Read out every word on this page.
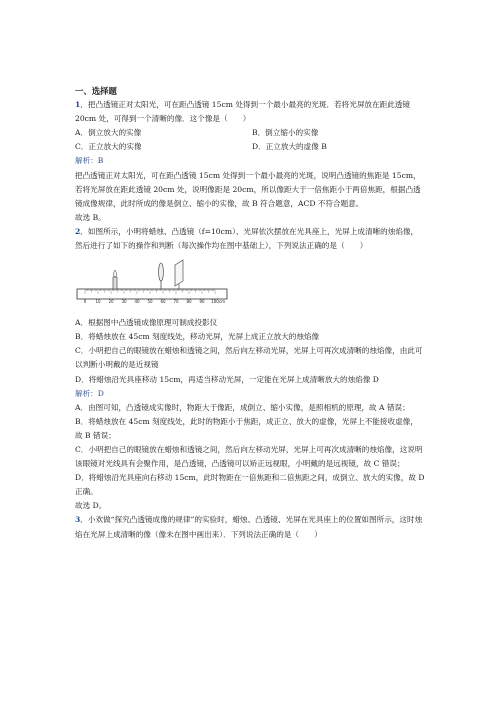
一、选择题

1．把凸透镜正对太阳光，可在距凸透镜 15cm 处得到一个最小最亮的光斑．若将光屏放在距此透镜 20cm 处，可得到一个清晰的像．这个像是（　　）

A．倒立放大的实像	B．倒立缩小的实像
C．正立放大的实像	D．正立放大的虚像 B

解析：B

把凸透镜正对太阳光，可在距凸透镜 15cm 处得到一个最小最亮的光斑，说明凸透镜的焦距是 15cm，若将光屏放在距此透镜 20cm 处，说明像距是 20cm，所以像距大于一倍焦距小于两倍焦距，根据凸透镜成像规律，此时所成的像是倒立、缩小的实像，故 B 符合题意，ACD 不符合题意。

故选 B。

2．如图所示，小明将蜡烛、凸透镜（f=10cm）、光屏依次摆放在光具座上，光屏上成清晰的烛焰像，然后进行了如下的操作和判断（每次操作均在图中基础上），下列说法正确的是（　　）

0 10 20 30 40 50 60 70 80 90 100 cm

A．根据图中凸透镜成像原理可制成投影仪

B．将蜡烛放在 45cm 刻度线处，移动光屏，光屏上成正立放大的烛焰像

C．小明把自己的眼镜放在蜡烛和透镜之间，然后向左移动光屏，光屏上可再次成清晰的烛焰像，由此可以判断小明戴的是近视镜

D．将蜡烛沿光具座移动 15cm，再适当移动光屏，一定能在光屏上成清晰放大的烛焰像 D

解析：D

A．由图可知，凸透镜成实像时，物距大于像距，成倒立、缩小实像，是照相机的原理，故 A 错误；

B．将蜡烛放在 45cm 刻度线处，此时的物距小于焦距，成正立、放大的虚像，光屏上不能接收虚像，故 B 错误；

C．小明把自己的眼镜放在蜡烛和透镜之间，然后向左移动光屏，光屏上可再次成清晰的烛焰像，这说明该眼镜对光线具有会聚作用，是凸透镜，凸透镜可以矫正远视眼，小明戴的是远视镜，故 C 错误；

D．将蜡烛沿光具座向右移动 15cm，此时物距在一倍焦距和二倍焦距之间，成倒立、放大的实像，故 D 正确。

故选 D。

3．小欢做“探究凸透镜成像的规律”的实验时，蜡烛、凸透镜、光屏在光具座上的位置如图所示，这时烛焰在光屏上成清晰的像（像未在图中画出来）．下列说法正确的是（　　）
